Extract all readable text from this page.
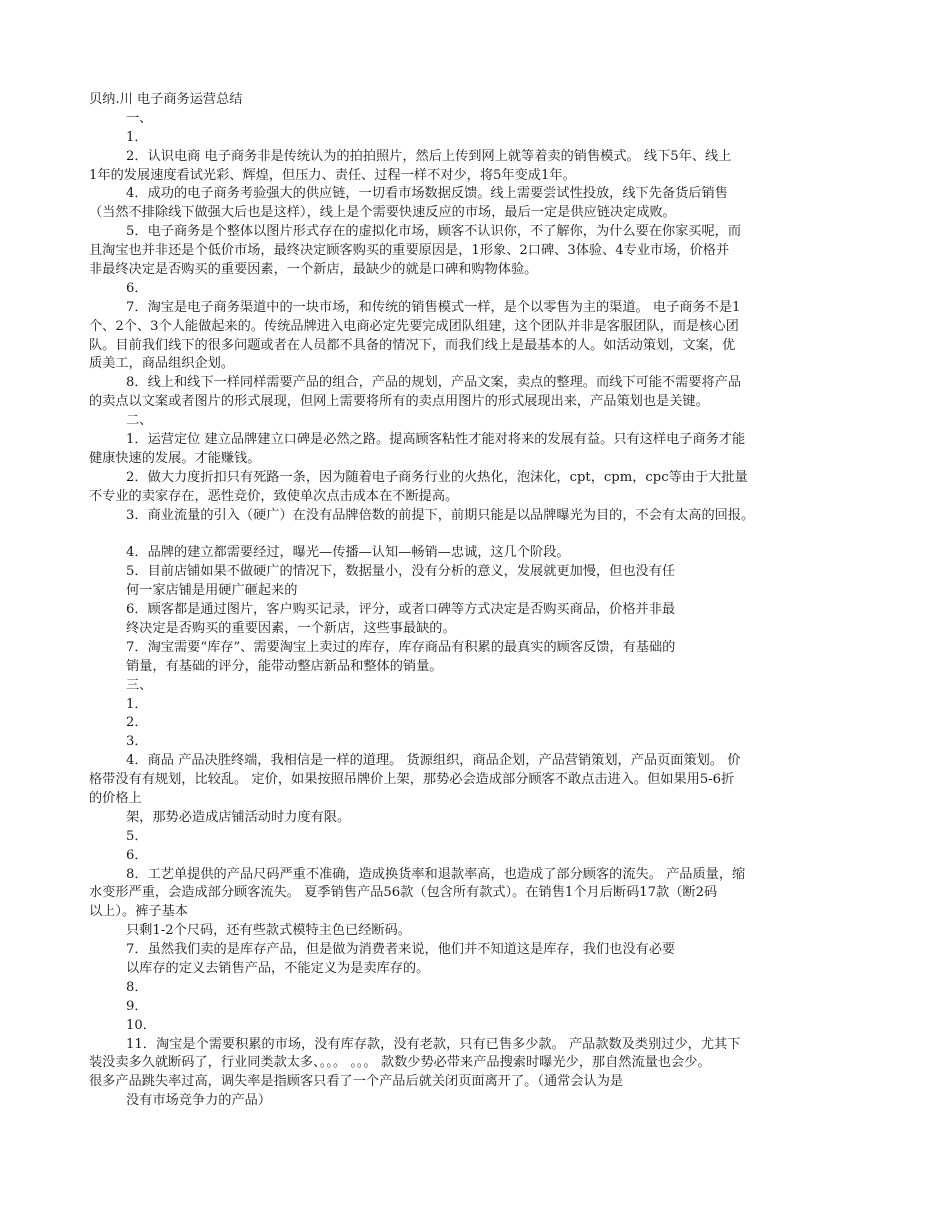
贝纳.川 电子商务运营总结
一、
1．
2．认识电商 电子商务非是传统认为的拍拍照片，然后上传到网上就等着卖的销售模式。 线下5年、线上
1年的发展速度看试光彩、辉煌，但压力、责任、过程一样不对少，将5年变成1年。
4．成功的电子商务考验强大的供应链，一切看市场数据反馈。线上需要尝试性投放，线下先备货后销售
（当然不排除线下做强大后也是这样），线上是个需要快速反应的市场，最后一定是供应链决定成败。
5．电子商务是个整体以图片形式存在的虚拟化市场，顾客不认识你，不了解你，为什么要在你家买呢，而
且淘宝也并非还是个低价市场，最终决定顾客购买的重要原因是，1形象、2口碑、3体验、4专业市场，价格并
非最终决定是否购买的重要因素，一个新店，最缺少的就是口碑和购物体验。
6．
7．淘宝是电子商务渠道中的一块市场，和传统的销售模式一样，是个以零售为主的渠道。 电子商务不是1
个、2个、3个人能做起来的。传统品牌进入电商必定先要完成团队组建，这个团队并非是客服团队，而是核心团
队。目前我们线下的很多问题或者在人员都不具备的情况下，而我们线上是最基本的人。如活动策划，文案，优
质美工，商品组织企划。
8．线上和线下一样同样需要产品的组合，产品的规划，产品文案，卖点的整理。而线下可能不需要将产品
的卖点以文案或者图片的形式展现，但网上需要将所有的卖点用图片的形式展现出来，产品策划也是关键。
二、
1．运营定位 建立品牌建立口碑是必然之路。提高顾客粘性才能对将来的发展有益。只有这样电子商务才能
健康快速的发展。才能赚钱。
2．做大力度折扣只有死路一条，因为随着电子商务行业的火热化，泡沫化，cpt，cpm，cpc等由于大批量
不专业的卖家存在，恶性竞价，致使单次点击成本在不断提高。
3．商业流量的引入（硬广）在没有品牌倍数的前提下，前期只能是以品牌曝光为目的，不会有太高的回报。
4．品牌的建立都需要经过，曝光—传播—认知—畅销—忠诚，这几个阶段。
5．目前店铺如果不做硬广的情况下，数据量小，没有分析的意义，发展就更加慢，但也没有任
何一家店铺是用硬广砸起来的
6．顾客都是通过图片，客户购买记录，评分，或者口碑等方式决定是否购买商品，价格并非最
终决定是否购买的重要因素，一个新店，这些事最缺的。
7．淘宝需要“库存”、需要淘宝上卖过的库存，库存商品有积累的最真实的顾客反馈，有基础的
销量，有基础的评分，能带动整店新品和整体的销量。
三、
1．
2．
3．
4．商品 产品决胜终端，我相信是一样的道理。 货源组织，商品企划，产品营销策划，产品页面策划。 价
格带没有有规划，比较乱。 定价，如果按照吊牌价上架，那势必会造成部分顾客不敢点击进入。但如果用5-6折
的价格上
架，那势必造成店铺活动时力度有限。
5．
6．
8．工艺单提供的产品尺码严重不准确，造成换货率和退款率高，也造成了部分顾客的流失。 产品质量，缩
水变形严重，会造成部分顾客流失。 夏季销售产品56款（包含所有款式）。在销售1个月后断码17款（断2码
以上）。裤子基本
只剩1-2个尺码，还有些款式模特主色已经断码。
7．虽然我们卖的是库存产品，但是做为消费者来说，他们并不知道这是库存，我们也没有必要
以库存的定义去销售产品，不能定义为是卖库存的。
8．
9．
10．
11．淘宝是个需要积累的市场，没有库存款，没有老款，只有已售多少款。 产品款数及类别过少，尤其下
装没卖多久就断码了，行业同类款太多、。。。 。。。 款数少势必带来产品搜索时曝光少，那自然流量也会少。
很多产品跳失率过高，调失率是指顾客只看了一个产品后就关闭页面离开了。（通常会认为是
没有市场竞争力的产品）
